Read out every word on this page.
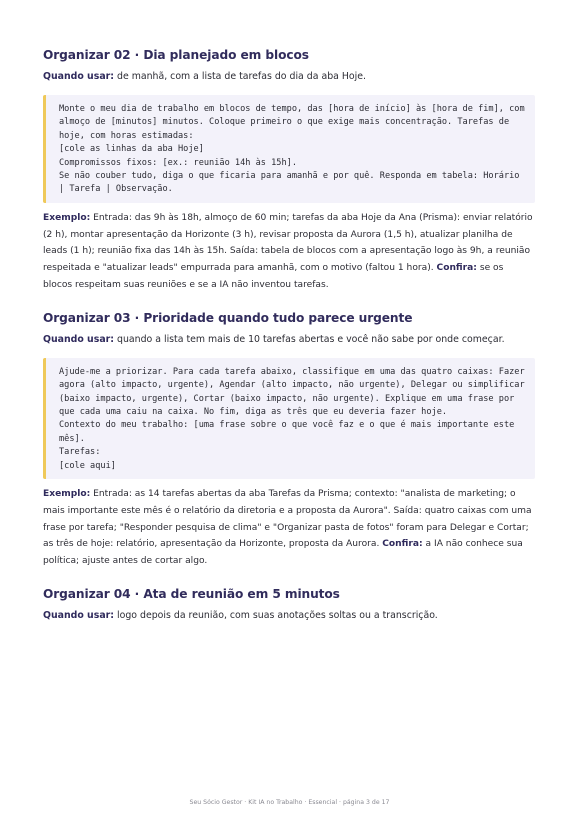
Organizar 02 · Dia planejado em blocos

Quando usar: de manhã, com a lista de tarefas do dia da aba Hoje.

Monte o meu dia de trabalho em blocos de tempo, das [hora de início] às [hora de fim], com almoço de [minutos] minutos. Coloque primeiro o que exige mais concentração. Tarefas de hoje, com horas estimadas:
[cole as linhas da aba Hoje]
Compromissos fixos: [ex.: reunião 14h às 15h].
Se não couber tudo, diga o que ficaria para amanhã e por quê. Responda em tabela: Horário | Tarefa | Observação.

Exemplo: Entrada: das 9h às 18h, almoço de 60 min; tarefas da aba Hoje da Ana (Prisma): enviar relatório (2 h), montar apresentação da Horizonte (3 h), revisar proposta da Aurora (1,5 h), atualizar planilha de leads (1 h); reunião fixa das 14h às 15h. Saída: tabela de blocos com a apresentação logo às 9h, a reunião respeitada e "atualizar leads" empurrada para amanhã, com o motivo (faltou 1 hora). Confira: se os blocos respeitam suas reuniões e se a IA não inventou tarefas.

Organizar 03 · Prioridade quando tudo parece urgente

Quando usar: quando a lista tem mais de 10 tarefas abertas e você não sabe por onde começar.

Ajude-me a priorizar. Para cada tarefa abaixo, classifique em uma das quatro caixas: Fazer agora (alto impacto, urgente), Agendar (alto impacto, não urgente), Delegar ou simplificar (baixo impacto, urgente), Cortar (baixo impacto, não urgente). Explique em uma frase por que cada uma caiu na caixa. No fim, diga as três que eu deveria fazer hoje.
Contexto do meu trabalho: [uma frase sobre o que você faz e o que é mais importante este mês].
Tarefas:
[cole aqui]

Exemplo: Entrada: as 14 tarefas abertas da aba Tarefas da Prisma; contexto: "analista de marketing; o mais importante este mês é o relatório da diretoria e a proposta da Aurora". Saída: quatro caixas com uma frase por tarefa; "Responder pesquisa de clima" e "Organizar pasta de fotos" foram para Delegar e Cortar; as três de hoje: relatório, apresentação da Horizonte, proposta da Aurora. Confira: a IA não conhece sua política; ajuste antes de cortar algo.

Organizar 04 · Ata de reunião em 5 minutos

Quando usar: logo depois da reunião, com suas anotações soltas ou a transcrição.

Seu Sócio Gestor · Kit IA no Trabalho · Essencial · página 3 de 17
